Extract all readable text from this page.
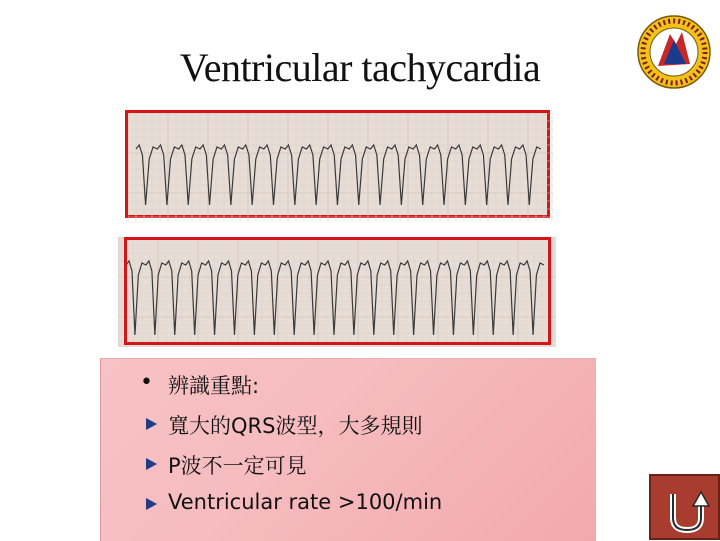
Ventricular tachycardia
• 辨識重點:
寬大的QRS波型，大多規則
P波不一定可見
Ventricular rate >100/min
